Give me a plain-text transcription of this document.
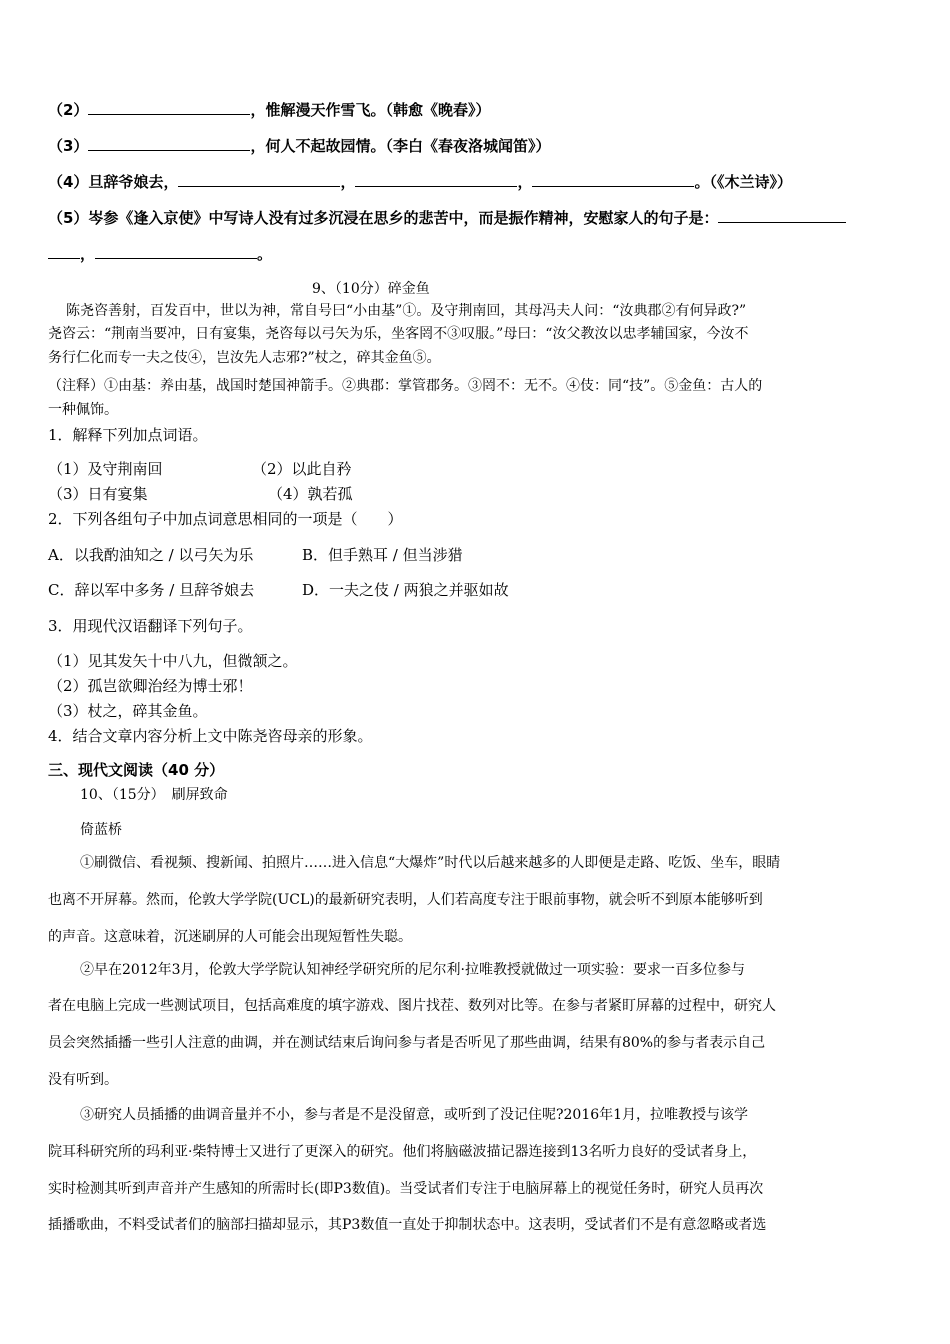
（2）	，惟解漫天作雪飞。（韩愈《晚春》）
（3）	，何人不起故园情。（李白《春夜洛城闻笛》）
（4）旦辞爷娘去，	，	，	。（《木兰诗》）
（5）岑参《逢入京使》中写诗人没有过多沉浸在思乡的悲苦中，而是振作精神，安慰家人的句子是：
，	。
9、（10分）碎金鱼
陈尧咨善射，百发百中，世以为神，常自号曰“小由基”①。及守荆南回，其母冯夫人问：“汝典郡②有何异政?”
尧咨云：“荆南当要冲，日有宴集，尧咨每以弓矢为乐，坐客罔不③叹服。”母曰：“汝父教汝以忠孝辅国家，今汝不
务行仁化而专一夫之伎④，岂汝先人志邪?”杖之，碎其金鱼⑤。
（注释）①由基：养由基，战国时楚国神箭手。②典郡：掌管郡务。③罔不：无不。④伎：同“技”。⑤金鱼：古人的
一种佩饰。
1．解释下列加点词语。
（1）及守荆南回	（2）以此自矜
（3）日有宴集	（4）孰若孤
2．下列各组句子中加点词意思相同的一项是（　　）
A．以我酌油知之 / 以弓矢为乐	B．但手熟耳 / 但当涉猎
C．辞以军中多务 / 旦辞爷娘去	D．一夫之伎 / 两狼之并驱如故
3．用现代汉语翻译下列句子。
（1）见其发矢十中八九，但微颔之。
（2）孤岂欲卿治经为博士邪！
（3）杖之，碎其金鱼。
4．结合文章内容分析上文中陈尧咨母亲的形象。
三、现代文阅读（40 分）
10、（15分）　刷屏致命
倚蓝桥
①刷微信、看视频、搜新闻、拍照片……进入信息“大爆炸”时代以后越来越多的人即便是走路、吃饭、坐车，眼睛
也离不开屏幕。然而，伦敦大学学院(UCL)的最新研究表明，人们若高度专注于眼前事物，就会听不到原本能够听到
的声音。这意味着，沉迷刷屏的人可能会出现短暂性失聪。
②早在2012年3月，伦敦大学学院认知神经学研究所的尼尔利·拉唯教授就做过一项实验：要求一百多位参与
者在电脑上完成一些测试项目，包括高难度的填字游戏、图片找茬、数列对比等。在参与者紧盯屏幕的过程中，研究人
员会突然插播一些引人注意的曲调，并在测试结束后询问参与者是否听见了那些曲调，结果有80%的参与者表示自己
没有听到。
③研究人员插播的曲调音量并不小，参与者是不是没留意，或听到了没记住呢?2016年1月，拉唯教授与该学
院耳科研究所的玛利亚·柴特博士又进行了更深入的研究。他们将脑磁波描记器连接到13名听力良好的受试者身上，
实时检测其听到声音并产生感知的所需时长(即P3数值)。当受试者们专注于电脑屏幕上的视觉任务时，研究人员再次
插播歌曲，不料受试者们的脑部扫描却显示，其P3数值一直处于抑制状态中。这表明，受试者们不是有意忽略或者选
